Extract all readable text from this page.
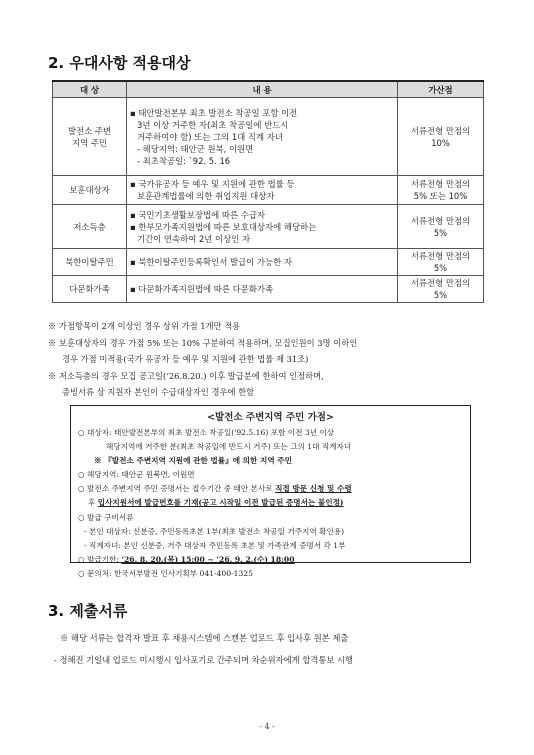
2. 우대사항 적용대상
대 상	내 용	가산점

발전소 주변
지역 주민	▪ 태안발전본부 최초 발전소 착공일 포함 이전
3년 이상 거주한 자(최초 착공일에 반드시
거주하여야 함) 또는 그의 1대 직계 자녀
- 해당지역: 태안군 원북, 이원면
- 최초착공일: `92. 5. 16	서류전형 만점의
10%

보훈대상자	▪ 국가유공자 등 예우 및 지원에 관한 법률 등
보훈관계법률에 의한 취업지원 대상자	서류전형 만점의
5% 또는 10%

저소득층	▪ 국민기초생활보장법에 따른 수급자
▪ 한부모가족지원법에 따른 보호대상자에 해당하는
기간이 연속하여 2년 이상인 자	서류전형 만점의
5%

북한이탈주민	▪ 북한이탈주민등록확인서 발급이 가능한 자	서류전형 만점의
5%

다문화가족	▪ 다문화가족지원법에 따른 다문화가족	서류전형 만점의
5%
※ 가점항목이 2개 이상인 경우 상위 가점 1개만 적용
※ 보훈대상자의 경우 가점 5% 또는 10% 구분하여 적용하며, 모집인원이 3명 이하인
경우 가점 미적용(국가 유공자 등 예우 및 지원에 관한 법률 제 31조)
※ 저소득층의 경우 모집 공고일(‘26.8.20.) 이후 발급분에 한하여 인정하며,
증빙서류 상 지원자 본인이 수급대상자인 경우에 한함
<발전소 주변지역 주민 가점>
○ 대상자: 태안발전본부의 최초 발전소 착공일('92.5.16) 포함 이전 3년 이상
해당지역에 거주한 분(최초 착공일에 반드시 거주) 또는 그의 1대 직계자녀
※ 『발전소 주변지역 지원에 관한 법률』에 의한 지역 주민
○ 해당지역: 태안군 원북면, 이원면
○ 발전소 주변지역 주민 증명서는 접수기간 중 태안 본사로 직접 방문 신청 및 수령
후 입사지원서에 발급번호를 기재(공고 시작일 이전 발급된 증명서는 불인정)
○ 발급 구비서류
- 본인 대상자: 신분증, 주민등록초본 1부(최초 발전소 착공일 거주지역 확인용)
- 직계자녀: 본인 신분증, 거주 대상자 주민등록 초본 및 가족관계 증명서 각 1부
○ 발급기한: ‘26. 8. 20.(목) 15:00 ~ ‘26. 9. 2.(수) 18:00
○ 문의처: 한국서부발전 인사기획부 041-400-1325
3. 제출서류
※ 해당 서류는 합격자 발표 후 채용시스템에 스캔본 업로드 후 입사후 원본 제출
- 정해진 기일내 업로드 미시행시 입사포기로 간주되며 차순위자에게 합격통보 시행
- 4 -
